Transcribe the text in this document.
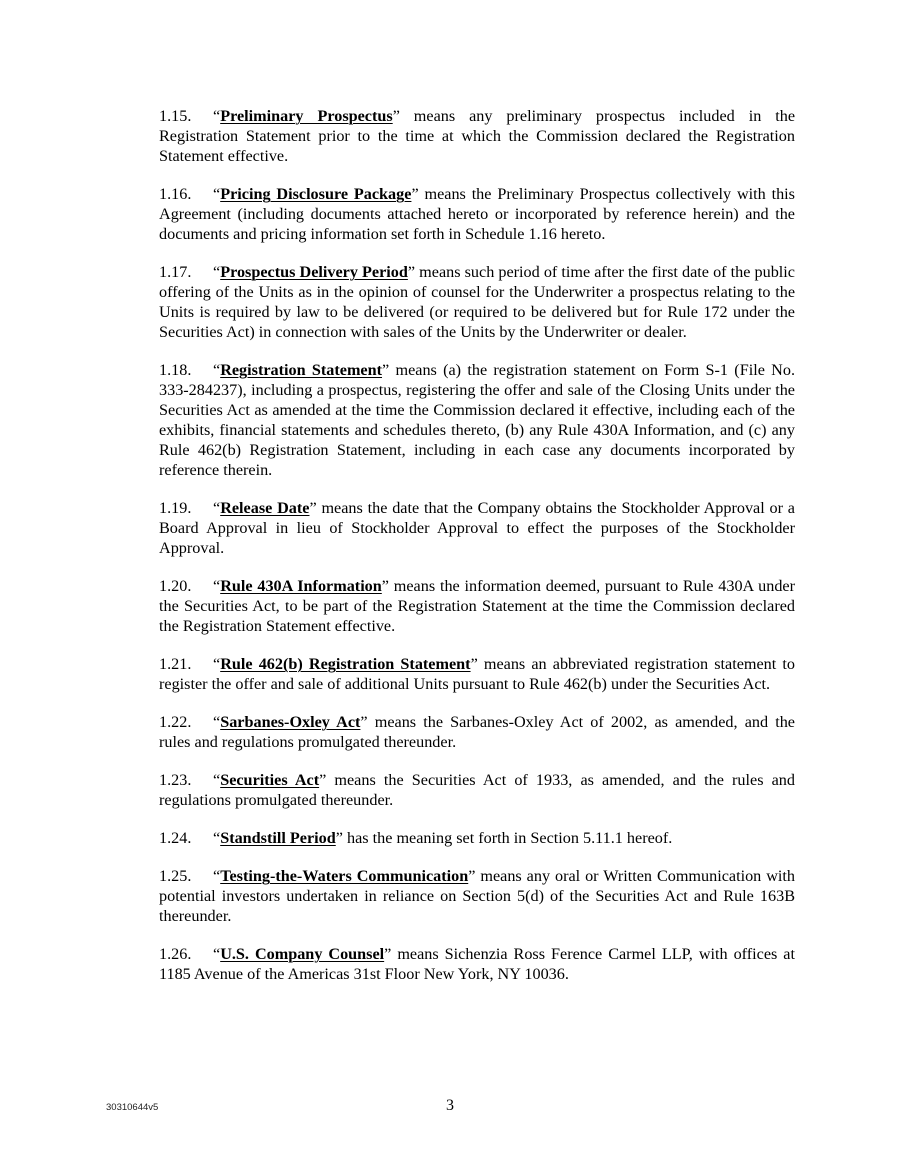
1.15. “Preliminary Prospectus” means any preliminary prospectus included in the Registration Statement prior to the time at which the Commission declared the Registration Statement effective.

1.16. “Pricing Disclosure Package” means the Preliminary Prospectus collectively with this Agreement (including documents attached hereto or incorporated by reference herein) and the documents and pricing information set forth in Schedule 1.16 hereto.

1.17. “Prospectus Delivery Period” means such period of time after the first date of the public offering of the Units as in the opinion of counsel for the Underwriter a prospectus relating to the Units is required by law to be delivered (or required to be delivered but for Rule 172 under the Securities Act) in connection with sales of the Units by the Underwriter or dealer.

1.18. “Registration Statement” means (a) the registration statement on Form S-1 (File No. 333-284237), including a prospectus, registering the offer and sale of the Closing Units under the Securities Act as amended at the time the Commission declared it effective, including each of the exhibits, financial statements and schedules thereto, (b) any Rule 430A Information, and (c) any Rule 462(b) Registration Statement, including in each case any documents incorporated by reference therein.

1.19. “Release Date” means the date that the Company obtains the Stockholder Approval or a Board Approval in lieu of Stockholder Approval to effect the purposes of the Stockholder Approval.

1.20. “Rule 430A Information” means the information deemed, pursuant to Rule 430A under the Securities Act, to be part of the Registration Statement at the time the Commission declared the Registration Statement effective.

1.21. “Rule 462(b) Registration Statement” means an abbreviated registration statement to register the offer and sale of additional Units pursuant to Rule 462(b) under the Securities Act.

1.22. “Sarbanes-Oxley Act” means the Sarbanes-Oxley Act of 2002, as amended, and the rules and regulations promulgated thereunder.

1.23. “Securities Act” means the Securities Act of 1933, as amended, and the rules and regulations promulgated thereunder.

1.24. “Standstill Period” has the meaning set forth in Section 5.11.1 hereof.

1.25. “Testing-the-Waters Communication” means any oral or Written Communication with potential investors undertaken in reliance on Section 5(d) of the Securities Act and Rule 163B thereunder.

1.26. “U.S. Company Counsel” means Sichenzia Ross Ference Carmel LLP, with offices at 1185 Avenue of the Americas 31st Floor New York, NY 10036.

30310644v5	3
